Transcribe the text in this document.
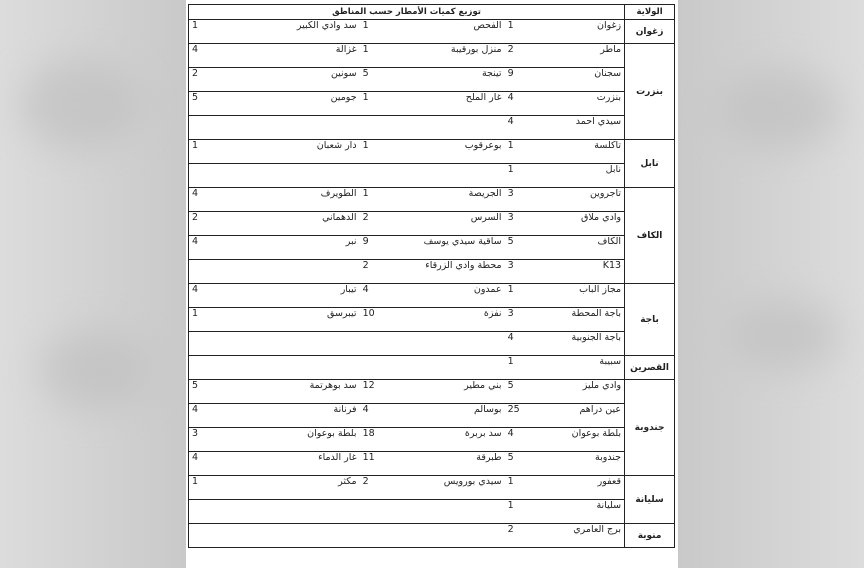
الولاية	توزيع كميات الأمطار حسب المناطق					
زغوان	زغوان	1	الفحص	1	سد وادي الكبير	1
بنزرت	ماطر	2	منزل بورقيبة	1	غزالة	4
	سجنان	9	تينجة	5	سونين	2
	بنزرت	4	غار الملح	1	جومين	5
	سيدي احمد	4				
نابل	تاكلسة	1	بوعرقوب	1	دار شعبان	1
	نابل	1				
الكاف	تاجروين	3	الجريصة	1	الطويرف	4
	وادي ملاق	3	السرس	2	الدهماني	2
	الكاف	5	ساقية سيدي يوسف	9	نبر	4
	K13	3	محطة وادي الزرقاء	2		
باجة	مجاز الباب	1	عمدون	4	تيبار	4
	باجة المحطة	3	نفزة	10	تيبرسق	1
	باجة الجنوبية	4				
القصرين	سبيبة	1				
جندوبة	وادي مليز	5	بني مطير	12	سد بوهرتمة	5
	عين دراهم	25	بوسالم	4	فرنانة	4
	بلطة بوعوان	4	سد بربرة	18	بلطة بوعوان	3
	جندوبة	5	طبرقة	11	غار الدماء	4
سليانة	قعفور	1	سيدي بورويس	2	مكثر	1
	سليانة	1				
منوبة	برج العامري	2				
